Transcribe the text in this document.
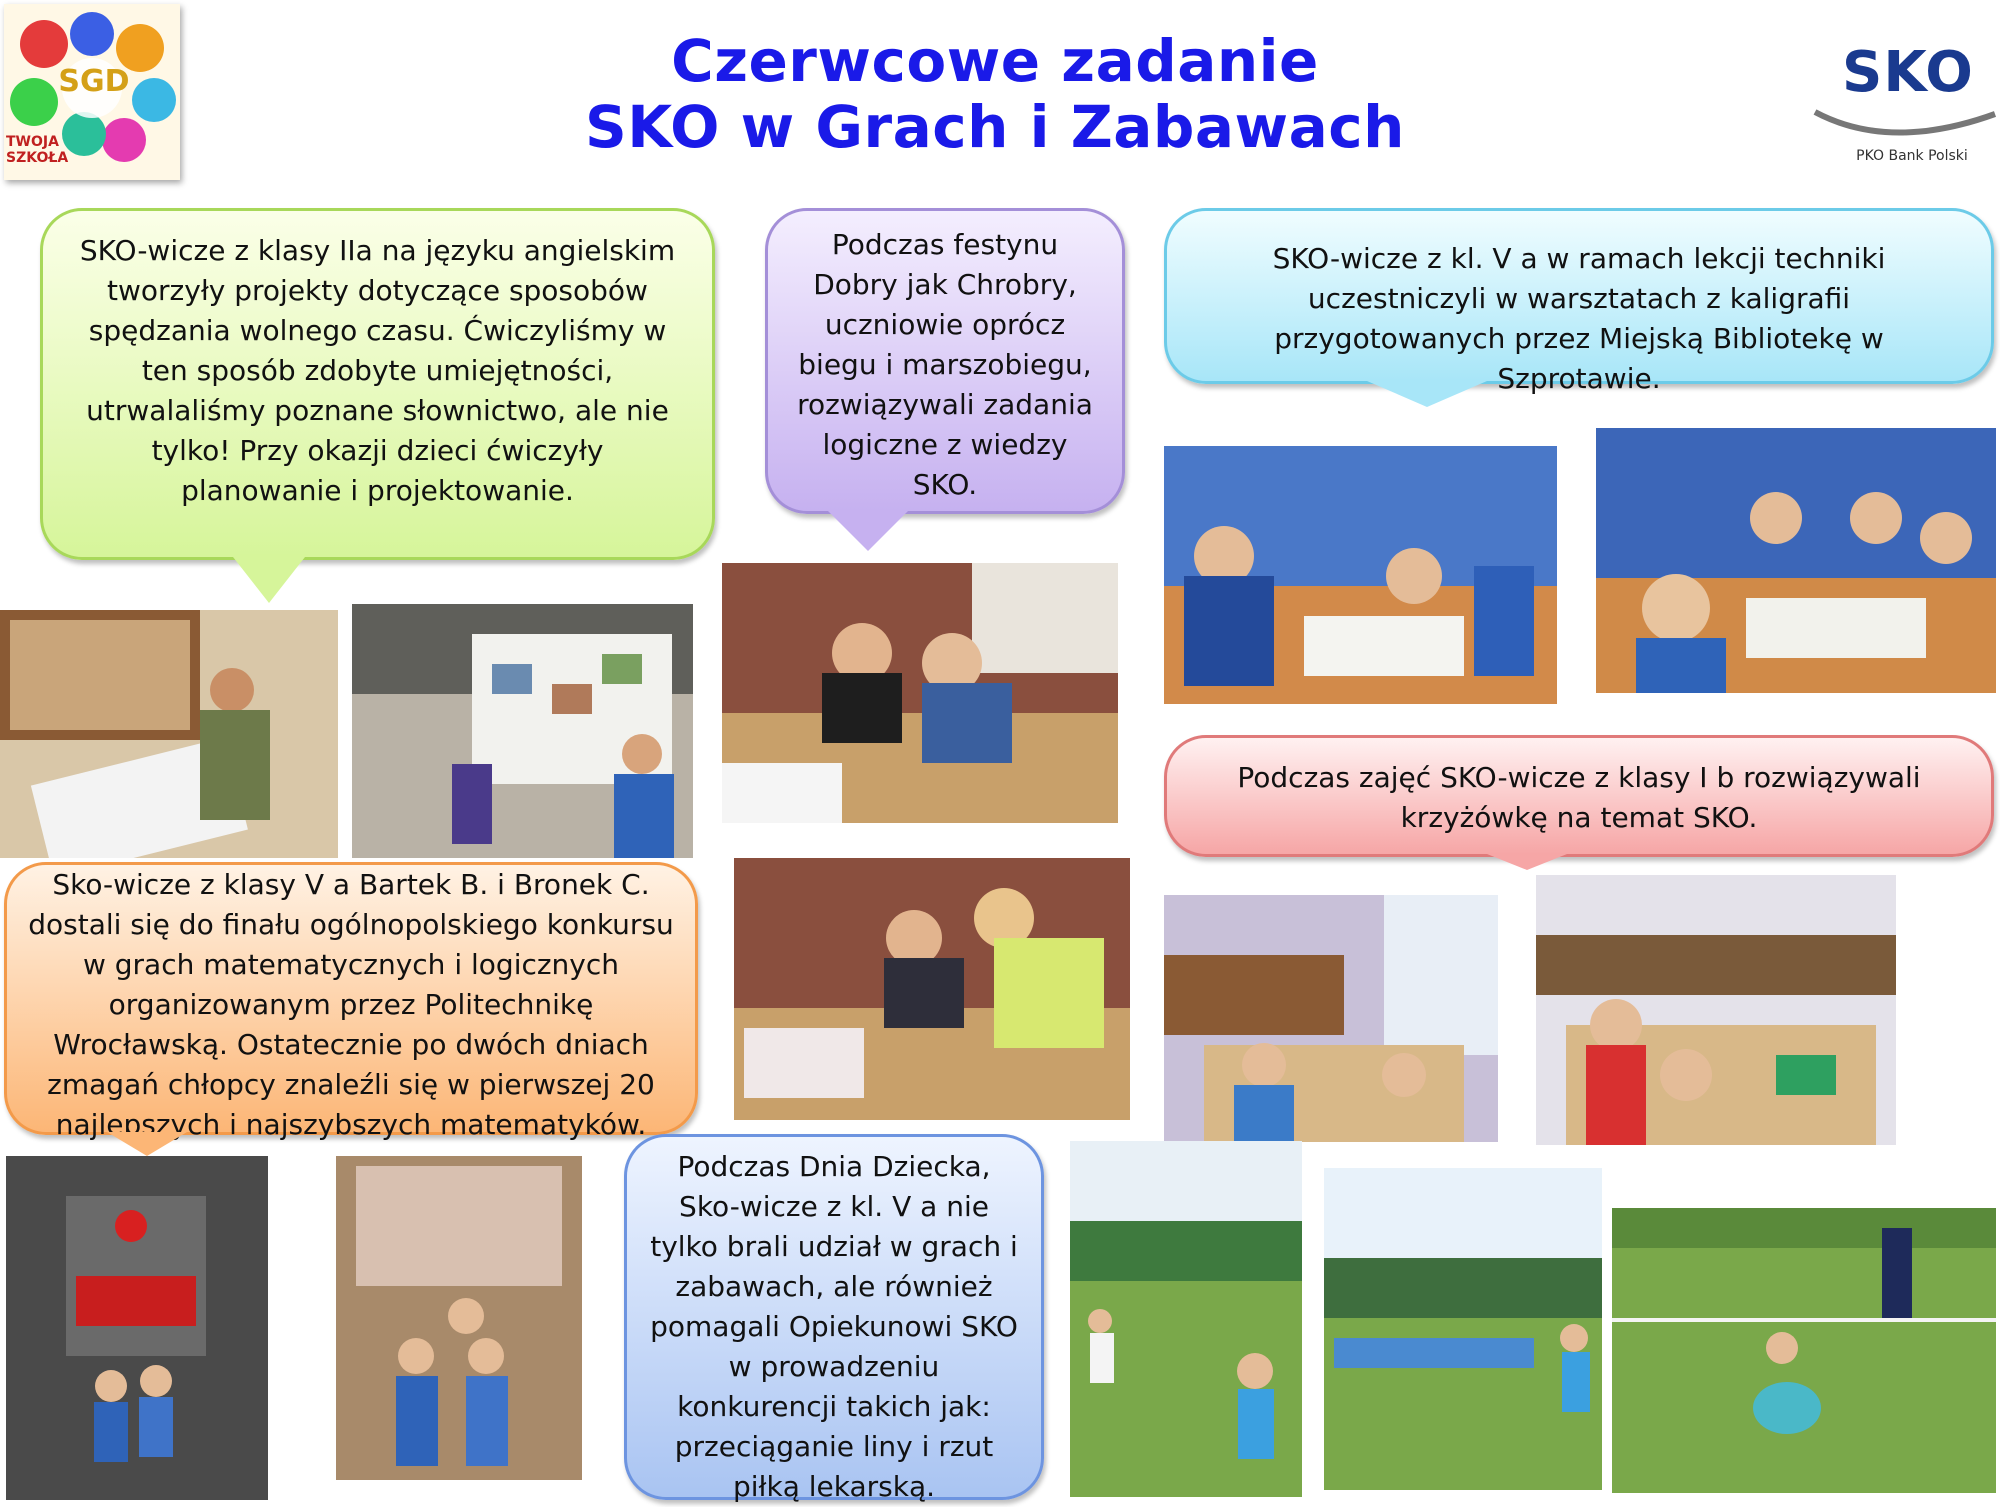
SGD
TWOJA SZKOŁA
Czerwcowe zadanie
SKO w Grach i Zabawach
SKO
PKO Bank Polski
SKO-wicze z klasy IIa na języku angielskim tworzyły projekty dotyczące sposobów spędzania wolnego czasu. Ćwiczyliśmy w ten sposób zdobyte umiejętności, utrwalaliśmy poznane słownictwo, ale nie tylko! Przy okazji dzieci ćwiczyły planowanie i projektowanie.
Podczas festynu Dobry jak Chrobry, uczniowie oprócz biegu i marszobiegu, rozwiązywali zadania logiczne z wiedzy SKO.
SKO-wicze z kl. V a w ramach lekcji techniki uczestniczyli w warsztatach z kaligrafii przygotowanych przez Miejską Bibliotekę w Szprotawie.
Podczas zajęć SKO-wicze z klasy I b rozwiązywali krzyżówkę na temat SKO.
Sko-wicze z klasy V a Bartek B. i Bronek C. dostali się do finału ogólnopolskiego konkursu w grach matematycznych i logicznych organizowanym przez Politechnikę Wrocławską. Ostatecznie po dwóch dniach zmagań chłopcy znaleźli się w pierwszej 20 najlepszych i najszybszych matematyków.
Podczas Dnia Dziecka, Sko-wicze z kl. V a nie tylko brali udział w grach i zabawach, ale również pomagali Opiekunowi SKO w prowadzeniu konkurencji takich jak: przeciąganie liny i rzut piłką lekarską.
